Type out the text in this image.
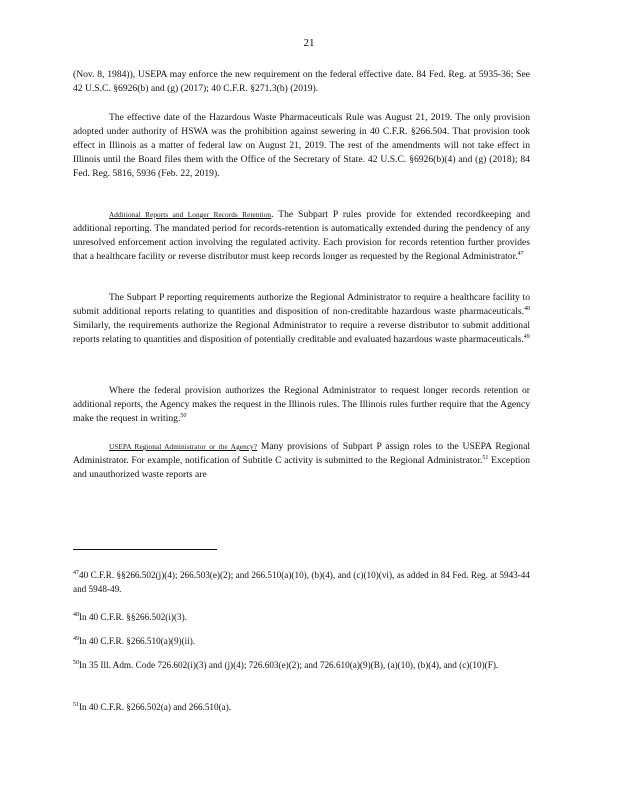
21

(Nov. 8, 1984)), USEPA may enforce the new requirement on the federal effective date. 84 Fed. Reg. at 5935-36; See 42 U.S.C. §6926(b) and (g) (2017); 40 C.F.R. §271.3(b) (2019).

The effective date of the Hazardous Waste Pharmaceuticals Rule was August 21, 2019. The only provision adopted under authority of HSWA was the prohibition against sewering in 40 C.F.R. §266.504. That provision took effect in Illinois as a matter of federal law on August 21, 2019. The rest of the amendments will not take effect in Illinois until the Board files them with the Office of the Secretary of State. 42 U.S.C. §6926(b)(4) and (g) (2018); 84 Fed. Reg. 5816, 5936 (Feb. 22, 2019).

Additional Reports and Longer Records Retention. The Subpart P rules provide for extended recordkeeping and additional reporting. The mandated period for records-retention is automatically extended during the pendency of any unresolved enforcement action involving the regulated activity. Each provision for records retention further provides that a healthcare facility or reverse distributor must keep records longer as requested by the Regional Administrator.$^{47}$

The Subpart P reporting requirements authorize the Regional Administrator to require a healthcare facility to submit additional reports relating to quantities and disposition of non-creditable hazardous waste pharmaceuticals.$^{48}$ Similarly, the requirements authorize the Regional Administrator to require a reverse distributor to submit additional reports relating to quantities and disposition of potentially creditable and evaluated hazardous waste pharmaceuticals.$^{49}$

Where the federal provision authorizes the Regional Administrator to request longer records retention or additional reports, the Agency makes the request in the Illinois rules. The Illinois rules further require that the Agency make the request in writing.$^{50}$

USEPA Regional Administrator or the Agency? Many provisions of Subpart P assign roles to the USEPA Regional Administrator. For example, notification of Subtitle C activity is submitted to the Regional Administrator.$^{51}$ Exception and unauthorized waste reports are

$^{47}$40 C.F.R. §§266.502(j)(4); 266.503(e)(2); and 266.510(a)(10), (b)(4), and (c)(10)(vi), as added in 84 Fed. Reg. at 5943-44 and 5948-49.

$^{48}$In 40 C.F.R. §§266.502(i)(3).

$^{49}$In 40 C.F.R. §266.510(a)(9)(ii).

$^{50}$In 35 Ill. Adm. Code 726.602(i)(3) and (j)(4); 726.603(e)(2); and 726.610(a)(9)(B), (a)(10), (b)(4), and (c)(10)(F).

$^{51}$In 40 C.F.R. §266.502(a) and 266.510(a).
